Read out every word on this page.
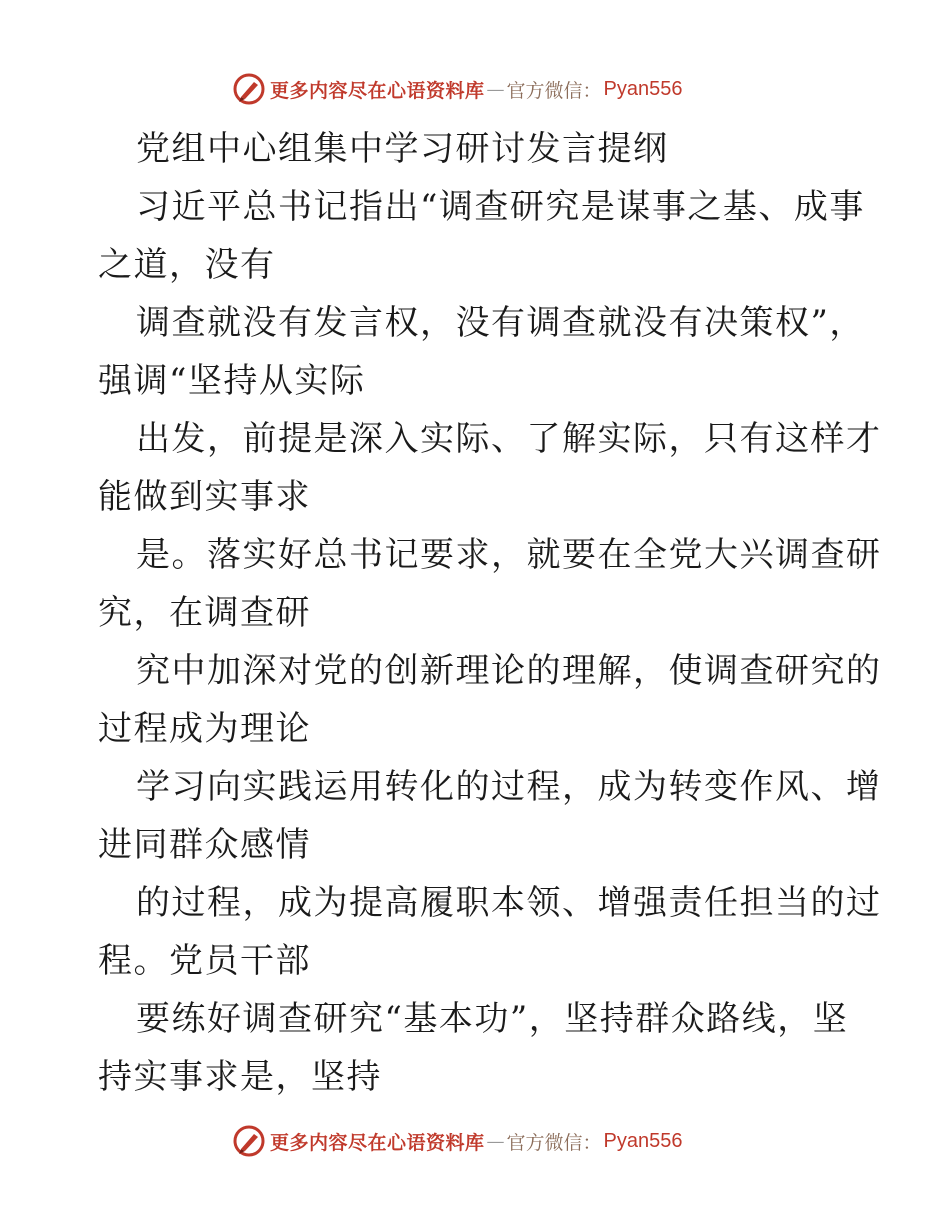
更多内容尽在心语资料库 — 官方微信： Pyan556
党组中心组集中学习研讨发言提纲
习近平总书记指出“调查研究是谋事之基、成事
之道，没有
调查就没有发言权，没有调查就没有决策权”，
强调“坚持从实际
出发，前提是深入实际、了解实际，只有这样才
能做到实事求
是。落实好总书记要求，就要在全党大兴调查研
究，在调查研
究中加深对党的创新理论的理解，使调查研究的
过程成为理论
学习向实践运用转化的过程，成为转变作风、增
进同群众感情
的过程，成为提高履职本领、增强责任担当的过
程。党员干部
要练好调查研究“基本功”，坚持群众路线，坚
持实事求是，坚持
更多内容尽在心语资料库 — 官方微信： Pyan556
